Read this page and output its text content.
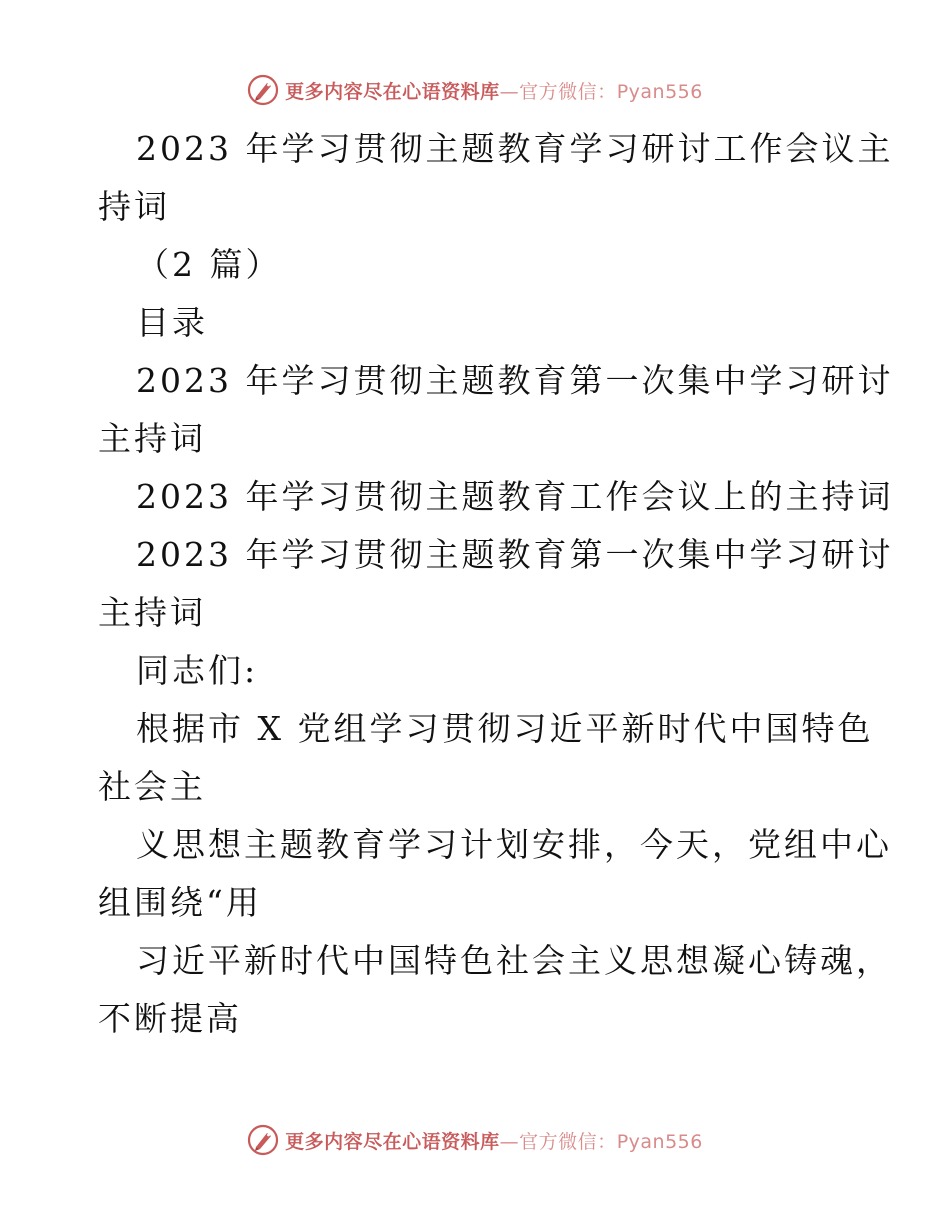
更多内容尽在心语资料库—官方微信：Pyan556
2023 年学习贯彻主题教育学习研讨工作会议主
持词
（2 篇）
目录
2023 年学习贯彻主题教育第一次集中学习研讨
主持词
2023 年学习贯彻主题教育工作会议上的主持词
2023 年学习贯彻主题教育第一次集中学习研讨
主持词
同志们:
根据市 X 党组学习贯彻习近平新时代中国特色
社会主
义思想主题教育学习计划安排，今天，党组中心
组围绕“用
习近平新时代中国特色社会主义思想凝心铸魂，
不断提高
更多内容尽在心语资料库—官方微信：Pyan556
